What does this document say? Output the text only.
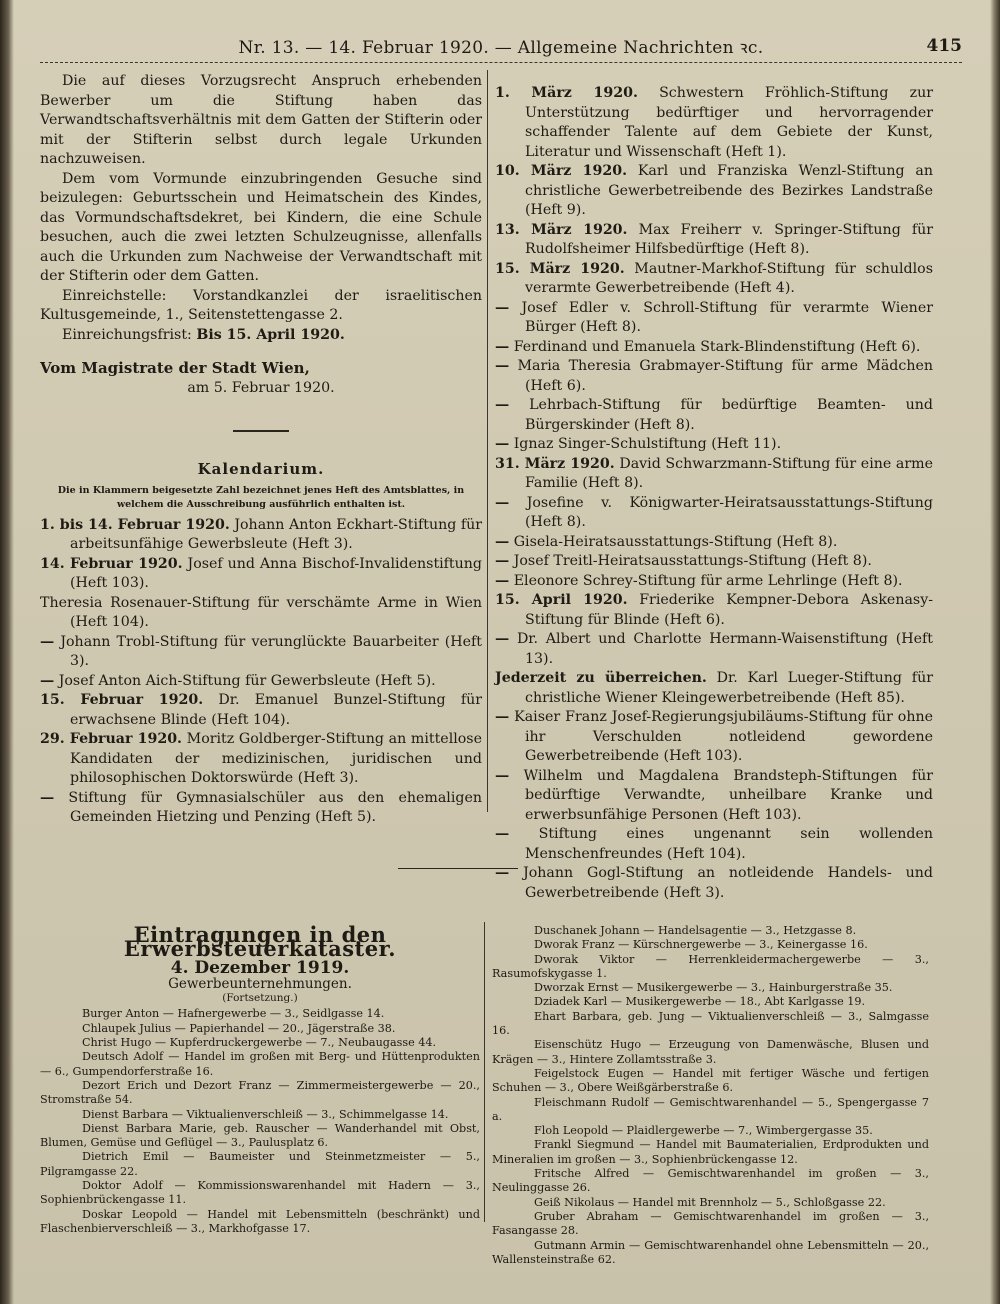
Nr. 13. — 14. Februar 1920. — Allgemeine Nachrichten ꝛc.	415

Die auf dieses Vorzugsrecht Anspruch erhebenden Bewerber um die Stiftung haben das Verwandtschaftsverhältnis mit dem Gatten der Stifterin oder mit der Stifterin selbst durch legale Urkunden nachzuweisen.

Dem vom Vormunde einzubringenden Gesuche sind beizulegen: Geburtsschein und Heimatschein des Kindes, das Vormundschaftsdekret, bei Kindern, die eine Schule besuchen, auch die zwei letzten Schulzeugnisse, allenfalls auch die Urkunden zum Nachweise der Verwandtschaft mit der Stifterin oder dem Gatten.

Einreichstelle: Vorstandkanzlei der israelitischen Kultusgemeinde, 1., Seitenstettengasse 2.

Einreichungsfrist: Bis 15. April 1920.

Vom Magistrate der Stadt Wien,

am 5. Februar 1920.

Kalendarium.
Die in Klammern beigesetzte Zahl bezeichnet jenes Heft des Amtsblattes, in welchem die Ausschreibung ausführlich enthalten ist.

1. bis 14. Februar 1920. Johann Anton Eckhart-Stiftung für arbeitsunfähige Gewerbsleute (Heft 3).

14. Februar 1920. Josef und Anna Bischof-Invalidenstiftung (Heft 103).

Theresia Rosenauer-Stiftung für verschämte Arme in Wien (Heft 104).

— Johann Trobl-Stiftung für verunglückte Bauarbeiter (Heft 3).

— Josef Anton Aich-Stiftung für Gewerbsleute (Heft 5).

15. Februar 1920. Dr. Emanuel Bunzel-Stiftung für erwachsene Blinde (Heft 104).

29. Februar 1920. Moritz Goldberger-Stiftung an mittellose Kandidaten der medizinischen, juridischen und philosophischen Doktorswürde (Heft 3).

— Stiftung für Gymnasialschüler aus den ehemaligen Gemeinden Hietzing und Penzing (Heft 5).

1. März 1920. Schwestern Fröhlich-Stiftung zur Unterstützung bedürftiger und hervorragender schaffender Talente auf dem Gebiete der Kunst, Literatur und Wissenschaft (Heft 1).

10. März 1920. Karl und Franziska Wenzl-Stiftung an christliche Gewerbetreibende des Bezirkes Landstraße (Heft 9).

13. März 1920. Max Freiherr v. Springer-Stiftung für Rudolfsheimer Hilfsbedürftige (Heft 8).

15. März 1920. Mautner-Markhof-Stiftung für schuldlos verarmte Gewerbetreibende (Heft 4).

— Josef Edler v. Schroll-Stiftung für verarmte Wiener Bürger (Heft 8).

— Ferdinand und Emanuela Stark-Blindenstiftung (Heft 6).

— Maria Theresia Grabmayer-Stiftung für arme Mädchen (Heft 6).

— Lehrbach-Stiftung für bedürftige Beamten- und Bürgerskinder (Heft 8).

— Ignaz Singer-Schulstiftung (Heft 11).

31. März 1920. David Schwarzmann-Stiftung für eine arme Familie (Heft 8).

— Josefine v. Königwarter-Heiratsausstattungs-Stiftung (Heft 8).

— Gisela-Heiratsausstattungs-Stiftung (Heft 8).

— Josef Treitl-Heiratsausstattungs-Stiftung (Heft 8).

— Eleonore Schrey-Stiftung für arme Lehrlinge (Heft 8).

15. April 1920. Friederike Kempner-Debora Askenasy-Stiftung für Blinde (Heft 6).

— Dr. Albert und Charlotte Hermann-Waisenstiftung (Heft 13).

Jederzeit zu überreichen. Dr. Karl Lueger-Stiftung für christliche Wiener Kleingewerbetreibende (Heft 85).

— Kaiser Franz Josef-Regierungsjubiläums-Stiftung für ohne ihr Verschulden notleidend gewordene Gewerbetreibende (Heft 103).

— Wilhelm und Magdalena Brandsteph-Stiftungen für bedürftige Verwandte, unheilbare Kranke und erwerbsunfähige Personen (Heft 103).

— Stiftung eines ungenannt sein wollenden Menschenfreundes (Heft 104).

— Johann Gogl-Stiftung an notleidende Handels- und Gewerbetreibende (Heft 3).

Eintragungen in den Erwerbsteuerkataster.
4. Dezember 1919.
Gewerbeunternehmungen.
(Fortsetzung.)
Burger Anton — Hafnergewerbe — 3., Seidlgasse 14.
Chlaupek Julius — Papierhandel — 20., Jägerstraße 38.
Christ Hugo — Kupferdruckergewerbe — 7., Neubaugasse 44.
Deutsch Adolf — Handel im großen mit Berg- und Hüttenprodukten — 6., Gumpendorferstraße 16.
Dezort Erich und Dezort Franz — Zimmermeistergewerbe — 20., Stromstraße 54.
Dienst Barbara — Viktualienverschleiß — 3., Schimmelgasse 14.
Dienst Barbara Marie, geb. Rauscher — Wanderhandel mit Obst, Blumen, Gemüse und Geflügel — 3., Paulusplatz 6.
Dietrich Emil — Baumeister und Steinmetzmeister — 5., Pilgramgasse 22.
Doktor Adolf — Kommissionswarenhandel mit Hadern — 3., Sophienbrückengasse 11.
Doskar Leopold — Handel mit Lebensmitteln (beschränkt) und Flaschenbierverschleiß — 3., Markhofgasse 17.
Duschanek Johann — Handelsagentie — 3., Hetzgasse 8.
Dworak Franz — Kürschnergewerbe — 3., Keinergasse 16.
Dworak Viktor — Herrenkleidermachergewerbe — 3., Rasumofskygasse 1.
Dworzak Ernst — Musikergewerbe — 3., Hainburgerstraße 35.
Dziadek Karl — Musikergewerbe — 18., Abt Karlgasse 19.
Ehart Barbara, geb. Jung — Viktualienverschleiß — 3., Salmgasse 16.
Eisenschütz Hugo — Erzeugung von Damenwäsche, Blusen und Krägen — 3., Hintere Zollamtsstraße 3.
Feigelstock Eugen — Handel mit fertiger Wäsche und fertigen Schuhen — 3., Obere Weißgärberstraße 6.
Fleischmann Rudolf — Gemischtwarenhandel — 5., Spengergasse 7 a.
Floh Leopold — Plaidlergewerbe — 7., Wimbergergasse 35.
Frankl Siegmund — Handel mit Baumaterialien, Erdprodukten und Mineralien im großen — 3., Sophienbrückengasse 12.
Fritsche Alfred — Gemischtwarenhandel im großen — 3., Neulinggasse 26.
Geiß Nikolaus — Handel mit Brennholz — 5., Schloßgasse 22.
Gruber Abraham — Gemischtwarenhandel im großen — 3., Fasangasse 28.
Gutmann Armin — Gemischtwarenhandel ohne Lebensmitteln — 20., Wallensteinstraße 62.
